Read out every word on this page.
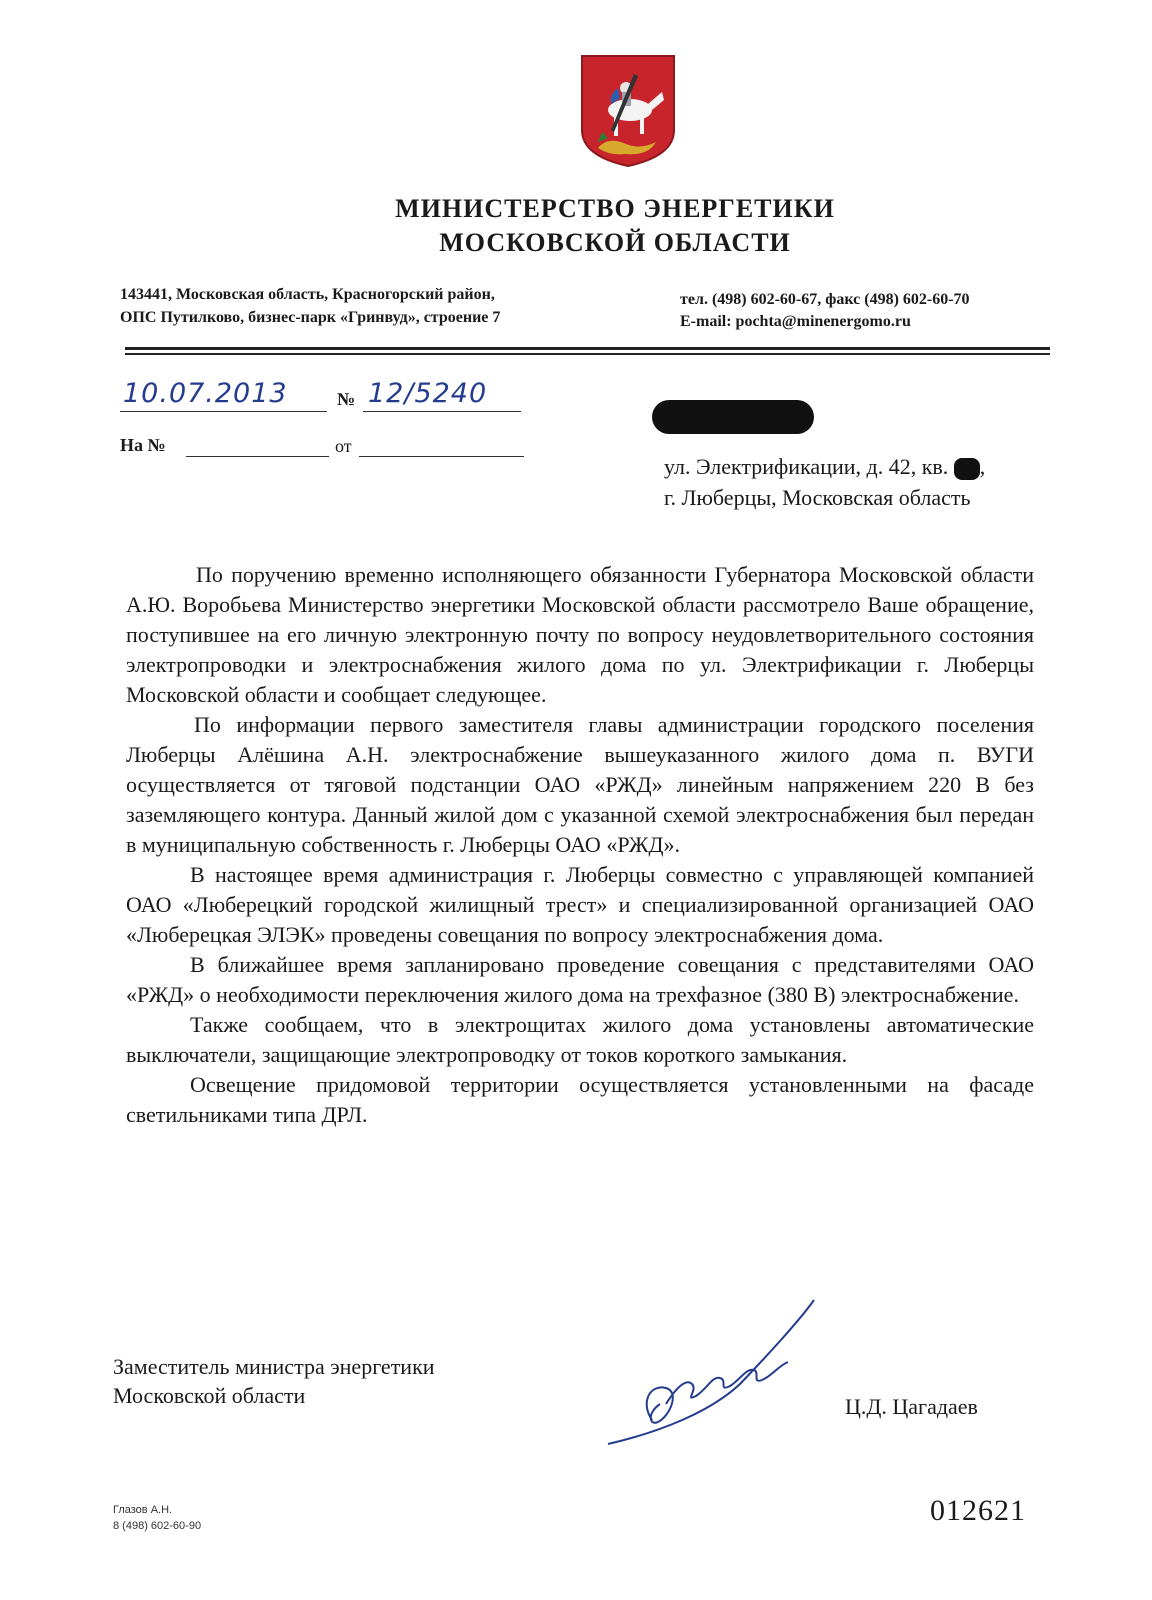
МИНИСТЕРСТВО ЭНЕРГЕТИКИ
МОСКОВСКОЙ ОБЛАСТИ
143441, Московская область, Красногорский район,
ОПС Путилково, бизнес-парк «Гринвуд», строение 7
тел. (498) 602-60-67, факс (498) 602-60-70
E-mail: pochta@minenergomo.ru
10.07.2013	№ 12/5240
На №	от
ул. Электрификации, д. 42, кв. ,
г. Люберцы, Московская область

По поручению временно исполняющего обязанности Губернатора Московской области А.Ю. Воробьева Министерство энергетики Московской области рассмотрело Ваше обращение, поступившее на его личную электронную почту по вопросу неудовлетворительного состояния электропроводки и электроснабжения жилого дома по ул. Электрификации г. Люберцы Московской области и сообщает следующее.

По информации первого заместителя главы администрации городского поселения Люберцы Алёшина А.Н. электроснабжение вышеуказанного жилого дома п. ВУГИ осуществляется от тяговой подстанции ОАО «РЖД» линейным напряжением 220 В без заземляющего контура. Данный жилой дом с указанной схемой электроснабжения был передан в муниципальную собственность г. Люберцы ОАО «РЖД».

В настоящее время администрация г. Люберцы совместно с управляющей компанией ОАО «Люберецкий городской жилищный трест» и специализированной организацией ОАО «Люберецкая ЭЛЭК» проведены совещания по вопросу электроснабжения дома.

В ближайшее время запланировано проведение совещания с представителями ОАО «РЖД» о необходимости переключения жилого дома на трехфазное (380 В) электроснабжение.

Также сообщаем, что в электрощитах жилого дома установлены автоматические выключатели, защищающие электропроводку от токов короткого замыкания.

Освещение придомовой территории осуществляется установленными на фасаде светильниками типа ДРЛ.

Заместитель министра энергетики
Московской области	Ц.Д. Цагадаев
Глазов А.Н.
8 (498) 602-60-90	012621
